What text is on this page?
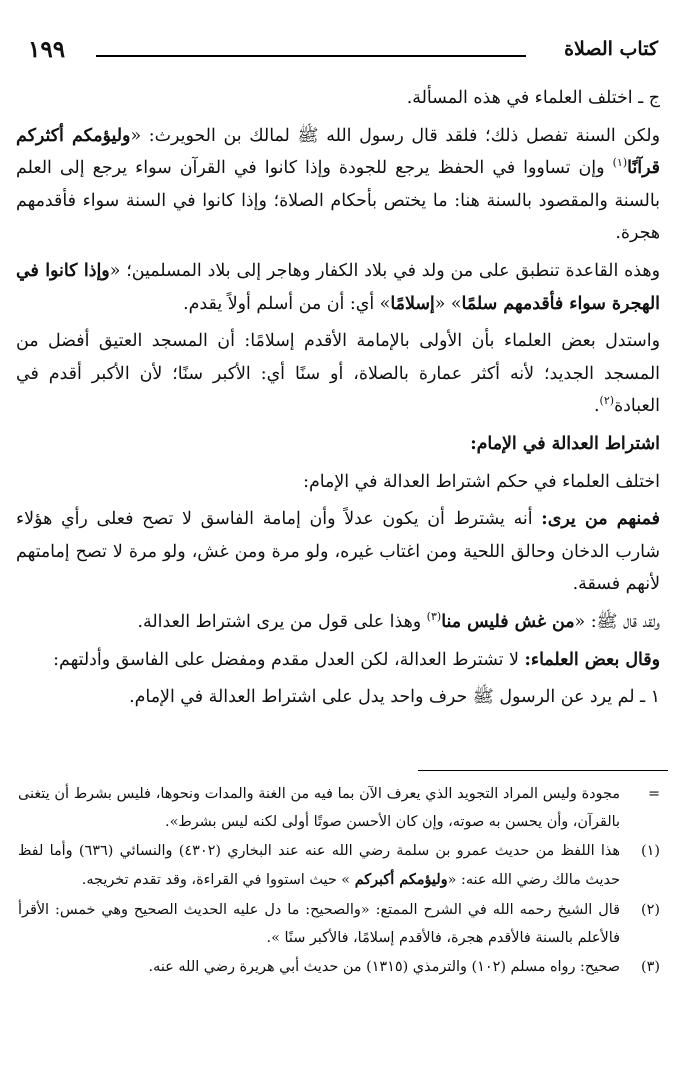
١٩٩	كتاب الصلاة

ج ـ اختلف العلماء في هذه المسألة.

ولكن السنة تفصل ذلك؛ فلقد قال رسول الله ﷺ لمالك بن الحويرث: «وليؤمكم أكثركم قرآنًا$^{(١)}$ وإن تساووا في الحفظ يرجع للجودة وإذا كانوا في القرآن سواء يرجع إلى العلم بالسنة والمقصود بالسنة هنا: ما يختص بأحكام الصلاة؛ وإذا كانوا في السنة سواء فأقدمهم هجرة.

وهذه القاعدة تنطبق على من ولد في بلاد الكفار وهاجر إلى بلاد المسلمين؛ «وإذا كانوا في الهجرة سواء فأقدمهم سلمًا» «إسلامًا» أي: أن من أسلم أولاً يقدم.

واستدل بعض العلماء بأن الأولى بالإمامة الأقدم إسلامًا: أن المسجد العتيق أفضل من المسجد الجديد؛ لأنه أكثر عمارة بالصلاة، أو سنًا أي: الأكبر سنًا؛ لأن الأكبر أقدم في العبادة$^{(٢)}$.

اشتراط العدالة في الإمام:

اختلف العلماء في حكم اشتراط العدالة في الإمام:

فمنهم من يرى: أنه يشترط أن يكون عدلاً وأن إمامة الفاسق لا تصح فعلى رأي هؤلاء شارب الدخان وحالق اللحية ومن اغتاب غيره، ولو مرة ومن غش، ولو مرة لا تصح إمامتهم لأنهم فسقة.

ولقد قال ﷺ: «من غش فليس منا$^{(٣)}$ وهذا على قول من يرى اشتراط العدالة.

وقال بعض العلماء: لا تشترط العدالة، لكن العدل مقدم ومفضل على الفاسق وأدلتهم:

١ ـ لم يرد عن الرسول ﷺ حرف واحد يدل على اشتراط العدالة في الإمام.

=
مجودة وليس المراد التجويد الذي يعرف الآن بما فيه من الغنة والمدات ونحوها، فليس بشرط أن يتغنى بالقرآن، وأن يحسن به صوته، وإن كان الأحسن صوتًا أولى لكنه ليس بشرط».
(١)
هذا اللفظ من حديث عمرو بن سلمة رضي الله عنه عند البخاري (٤٣٠٢) والنسائي (٦٣٦) وأما لفظ حديث مالك رضي الله عنه: «وليؤمكم أكبركم » حيث استووا في القراءة، وقد تقدم تخريجه.
(٢)
قال الشيخ رحمه الله في الشرح الممتع: «والصحيح: ما دل عليه الحديث الصحيح وهي خمس: الأقرأ فالأعلم بالسنة فالأقدم هجرة، فالأقدم إسلامًا، فالأكبر سنًا ».
(٣)
صحيح: رواه مسلم (١٠٢) والترمذي (١٣١٥) من حديث أبي هريرة رضي الله عنه.
